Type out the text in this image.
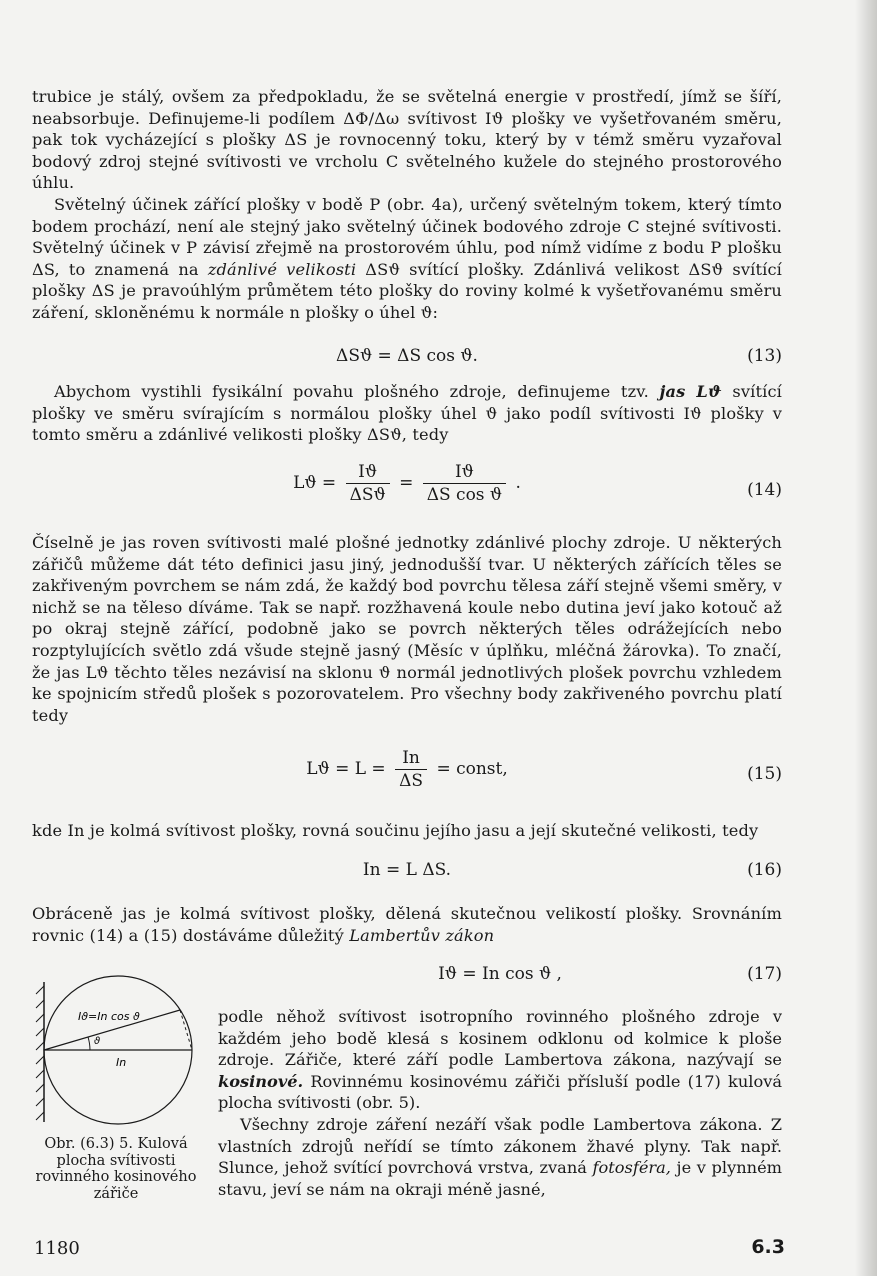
trubice je stálý, ovšem za předpokladu, že se světelná energie v prostředí, jímž se šíří, neabsorbuje. Definujeme-li podílem ΔΦ/Δω svítivost Iϑ plošky ve vyšetřovaném směru, pak tok vycházející s plošky ΔS je rovnocenný toku, který by v témž směru vyzařoval bodový zdroj stejné svítivosti ve vrcholu C světelného kužele do stejného prostorového úhlu.

Světelný účinek zářící plošky v bodě P (obr. 4a), určený světelným tokem, který tímto bodem prochází, není ale stejný jako světelný účinek bodového zdroje C stejné svítivosti. Světelný účinek v P závisí zřejmě na prostorovém úhlu, pod nímž vidíme z bodu P plošku ΔS, to znamená na zdánlivé velikosti ΔSϑ svítící plošky. Zdánlivá velikost ΔSϑ svítící plošky ΔS je pravoúhlým průmětem této plošky do roviny kolmé k vyšetřovanému směru záření, skloněnému k normále n plošky o úhel ϑ:

ΔSϑ = ΔS cos ϑ.	(13)

Abychom vystihli fysikální povahu plošného zdroje, definujeme tzv. jas Lϑ svítící plošky ve směru svírajícím s normálou plošky úhel ϑ jako podíl svítivosti Iϑ plošky v tomto směru a zdánlivé velikosti plošky ΔSϑ, tedy

$Lϑ = \frac{Iϑ}{\text{ΔSϑ}} = \frac{Iϑ}{\text{ΔS cos ϑ}}$ .	(14)

Číselně je jas roven svítivosti malé plošné jednotky zdánlivé plochy zdroje. U některých zářičů můžeme dát této definici jasu jiný, jednodušší tvar. U některých zářících těles se zakřiveným povrchem se nám zdá, že každý bod povrchu tělesa září stejně všemi směry, v nichž se na těleso díváme. Tak se např. rozžhavená koule nebo dutina jeví jako kotouč až po okraj stejně zářící, podobně jako se povrch některých těles odrážejících nebo rozptylujících světlo zdá všude stejně jasný (Měsíc v úplňku, mléčná žárovka). To značí, že jas Lϑ těchto těles nezávisí na sklonu ϑ normál jednotlivých plošek povrchu vzhledem ke spojnicím středů plošek s pozorovatelem. Pro všechny body zakřiveného povrchu platí tedy

$Lϑ = L = \frac{In}{\Delta S}$ = const,	(15)

kde In je kolmá svítivost plošky, rovná součinu jejího jasu a její skutečné velikosti, tedy

In = L ΔS.	(16)

Obráceně jas je kolmá svítivost plošky, dělená skutečnou velikostí plošky. Srovnáním rovnic (14) a (15) dostáváme důležitý Lambertův zákon

Iϑ = In cos ϑ ,	(17)
Iϑ=In cos ϑ
ϑ
In
Obr. (6.3) 5. Kulová plocha svítivosti rovinného kosinového zářiče

podle něhož svítivost isotropního rovinného plošného zdroje v každém jeho bodě klesá s kosinem odklonu od kolmice k ploše zdroje. Zářiče, které září podle Lambertova zákona, nazývají se kosinové. Rovinnému kosinovému zářiči přísluší podle (17) kulová plocha svítivosti (obr. 5).

Všechny zdroje záření nezáří však podle Lambertova zákona. Z vlastních zdrojů neřídí se tímto zákonem žhavé plyny. Tak např. Slunce, jehož svítící povrchová vrstva, zvaná fotosféra, je v plynném stavu, jeví se nám na okraji méně jasné,

1180	6.3
